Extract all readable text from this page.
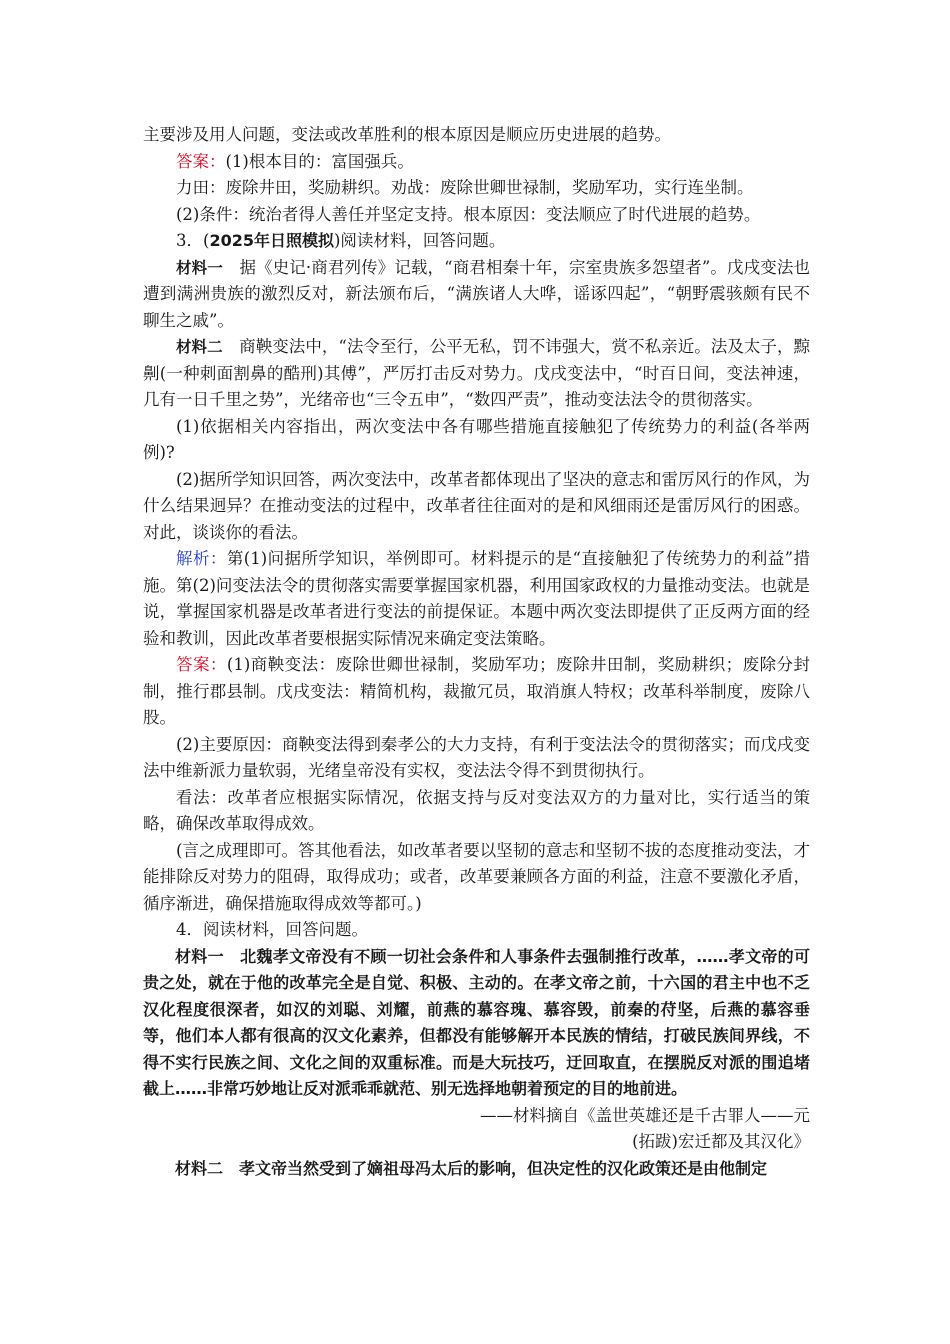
主要涉及用人问题，变法或改革胜利的根本原因是顺应历史进展的趋势。

答案：(1)根本目的：富国强兵。

力田：废除井田，奖励耕织。劝战：废除世卿世禄制，奖励军功，实行连坐制。

(2)条件：统治者得人善任并坚定支持。根本原因：变法顺应了时代进展的趋势。

3．(2025年日照模拟)阅读材料，回答问题。

材料一 据《史记·商君列传》记载，“商君相秦十年，宗室贵族多怨望者”。戊戌变法也遭到满洲贵族的激烈反对，新法颁布后，“满族诸人大哗，谣诼四起”，“朝野震骇颇有民不聊生之戚”。

材料二 商鞅变法中，“法令至行，公平无私，罚不讳强大，赏不私亲近。法及太子，黥劓(一种刺面割鼻的酷刑)其傅”，严厉打击反对势力。戊戌变法中，“时百日间，变法神速，几有一日千里之势”，光绪帝也“三令五申”，“数四严责”，推动变法法令的贯彻落实。

(1)依据相关内容指出，两次变法中各有哪些措施直接触犯了传统势力的利益(各举两例)?

(2)据所学知识回答，两次变法中，改革者都体现出了坚决的意志和雷厉风行的作风，为什么结果迥异？在推动变法的过程中，改革者往往面对的是和风细雨还是雷厉风行的困惑。对此，谈谈你的看法。

解析：第(1)问据所学知识，举例即可。材料提示的是“直接触犯了传统势力的利益”措施。第(2)问变法法令的贯彻落实需要掌握国家机器，利用国家政权的力量推动变法。也就是说，掌握国家机器是改革者进行变法的前提保证。本题中两次变法即提供了正反两方面的经验和教训，因此改革者要根据实际情况来确定变法策略。

答案：(1)商鞅变法：废除世卿世禄制，奖励军功；废除井田制，奖励耕织；废除分封制，推行郡县制。戊戌变法：精简机构，裁撤冗员，取消旗人特权；改革科举制度，废除八股。

(2)主要原因：商鞅变法得到秦孝公的大力支持，有利于变法法令的贯彻落实；而戊戌变法中维新派力量软弱，光绪皇帝没有实权，变法法令得不到贯彻执行。

看法：改革者应根据实际情况，依据支持与反对变法双方的力量对比，实行适当的策略，确保改革取得成效。

(言之成理即可。答其他看法，如改革者要以坚韧的意志和坚韧不拔的态度推动变法，才能排除反对势力的阻碍，取得成功；或者，改革要兼顾各方面的利益，注意不要激化矛盾，循序渐进，确保措施取得成效等都可。)

4．阅读材料，回答问题。

材料一 北魏孝文帝没有不顾一切社会条件和人事条件去强制推行改革，……孝文帝的可贵之处，就在于他的改革完全是自觉、积极、主动的。在孝文帝之前，十六国的君主中也不乏汉化程度很深者，如汉的刘聪、刘耀，前燕的慕容瑰、慕容毁，前秦的苻坚，后燕的慕容垂等，他们本人都有很高的汉文化素养，但都没有能够解开本民族的情结，打破民族间界线，不得不实行民族之间、文化之间的双重标准。而是大玩技巧，迂回取直，在摆脱反对派的围追堵截上……非常巧妙地让反对派乖乖就范、别无选择地朝着预定的目的地前进。

——材料摘自《盖世英雄还是千古罪人——元

(拓跋)宏迁都及其汉化》

材料二 孝文帝当然受到了嫡祖母冯太后的影响，但决定性的汉化政策还是由他制定
